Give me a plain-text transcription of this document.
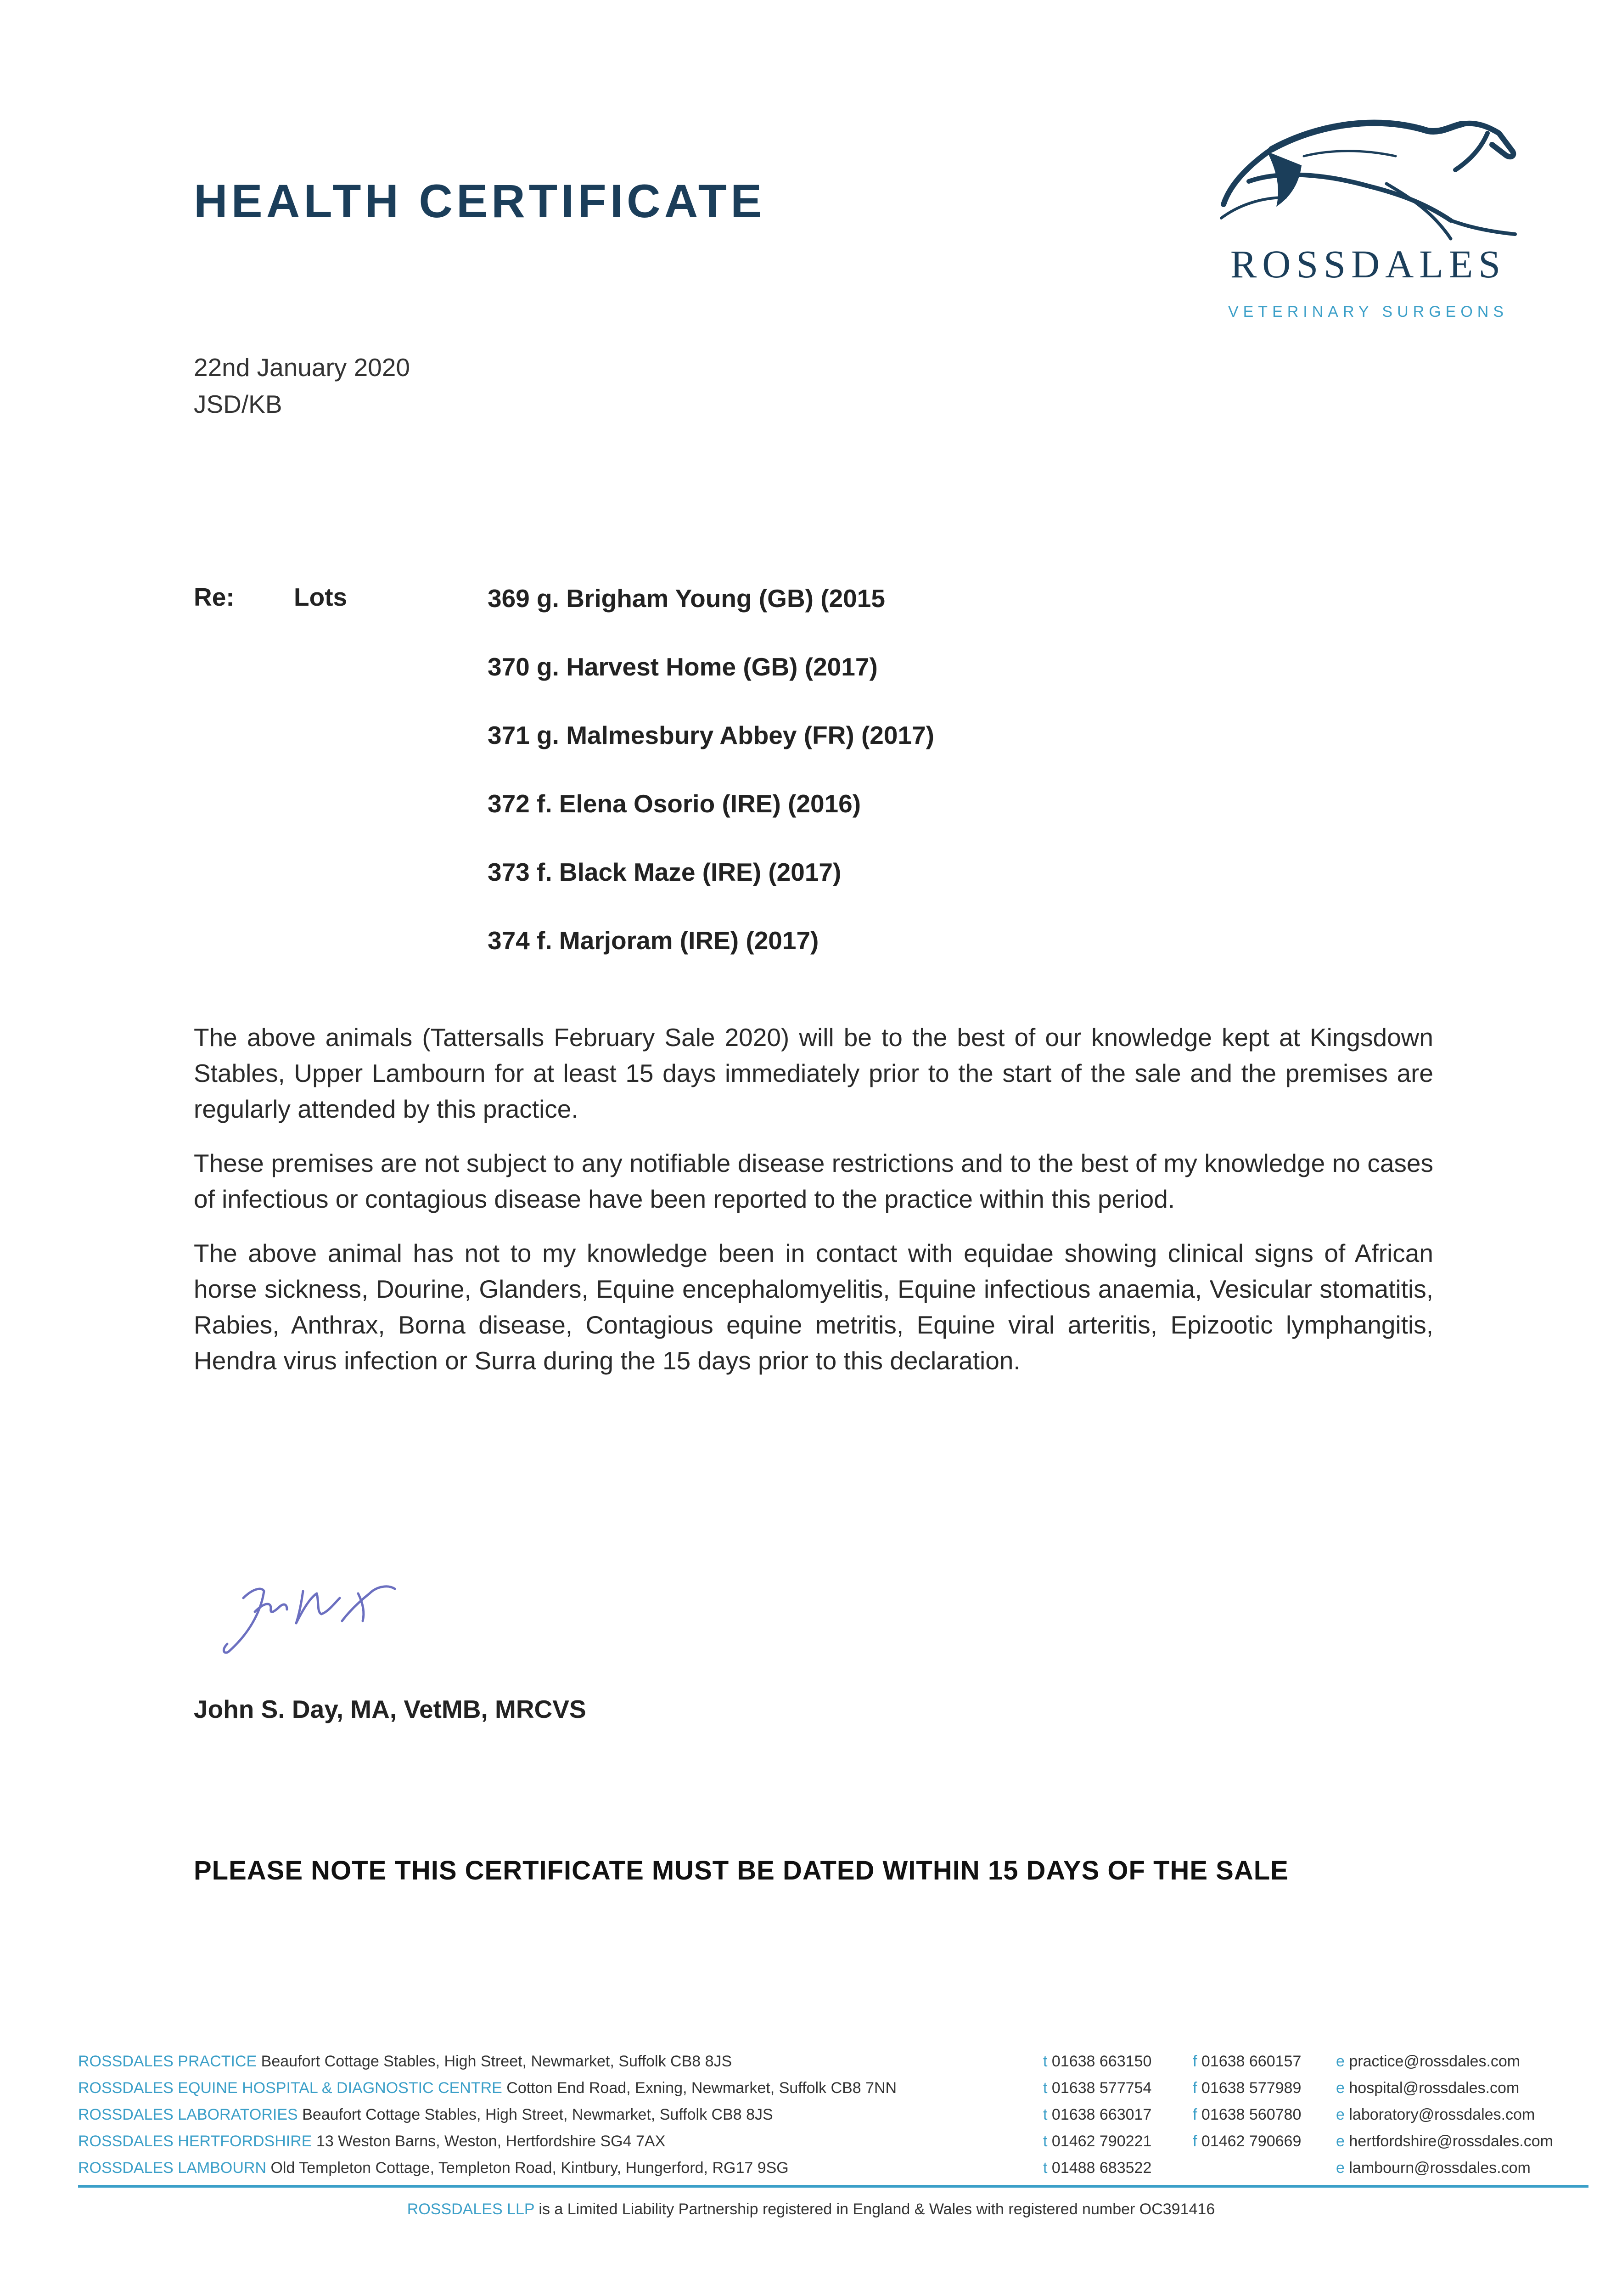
HEALTH CERTIFICATE
ROSSDALES
VETERINARY SURGEONS
22nd January 2020
JSD/KB
Re: Lots	369 g. Brigham Young (GB) (2015
370 g. Harvest Home (GB) (2017)
371 g. Malmesbury Abbey (FR) (2017)
372 f. Elena Osorio (IRE) (2016)
373 f. Black Maze (IRE) (2017)
374 f. Marjoram (IRE) (2017)

The above animals (Tattersalls February Sale 2020) will be to the best of our knowledge kept at Kingsdown Stables, Upper Lambourn for at least 15 days immediately prior to the start of the sale and the premises are regularly attended by this practice.

These premises are not subject to any notifiable disease restrictions and to the best of my knowledge no cases of infectious or contagious disease have been reported to the practice within this period.

The above animal has not to my knowledge been in contact with equidae showing clinical signs of African horse sickness, Dourine, Glanders, Equine encephalomyelitis, Equine infectious anaemia, Vesicular stomatitis, Rabies, Anthrax, Borna disease, Contagious equine metritis, Equine viral arteritis, Epizootic lymphangitis, Hendra virus infection or Surra during the 15 days prior to this declaration.

John S. Day, MA, VetMB, MRCVS
PLEASE NOTE THIS CERTIFICATE MUST BE DATED WITHIN 15 DAYS OF THE SALE
ROSSDALES PRACTICE Beaufort Cottage Stables, High Street, Newmarket, Suffolk CB8 8JS	t 01638 663150	f 01638 660157 e practice@rossdales.com
ROSSDALES EQUINE HOSPITAL & DIAGNOSTIC CENTRE Cotton End Road, Exning, Newmarket, Suffolk CB8 7NN	t 01638 577754	f 01638 577989 e hospital@rossdales.com
ROSSDALES LABORATORIES Beaufort Cottage Stables, High Street, Newmarket, Suffolk CB8 8JS	t 01638 663017	f 01638 560780 e laboratory@rossdales.com
ROSSDALES HERTFORDSHIRE 13 Weston Barns, Weston, Hertfordshire SG4 7AX	t 01462 790221	f 01462 790669 e hertfordshire@rossdales.com
ROSSDALES LAMBOURN Old Templeton Cottage, Templeton Road, Kintbury, Hungerford, RG17 9SG	t 01488 683522	e lambourn@rossdales.com
ROSSDALES LLP is a Limited Liability Partnership registered in England & Wales with registered number OC391416
